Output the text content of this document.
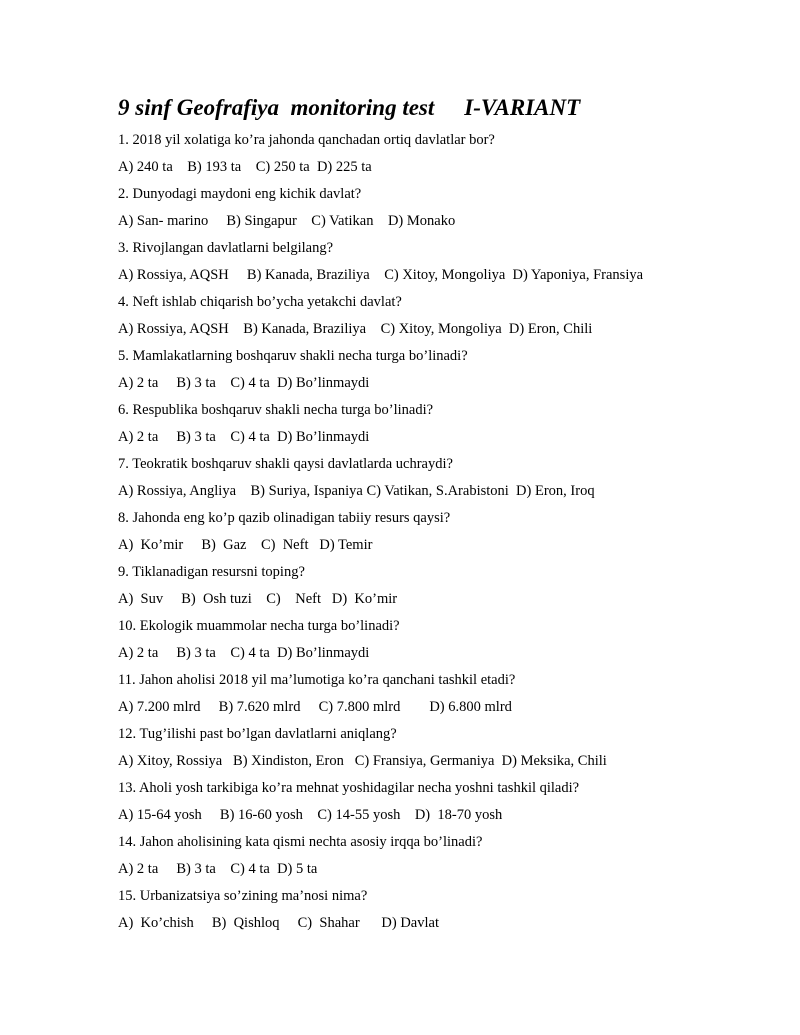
9 sinf Geofrafiya  monitoring test I-VARIANT

1. 2018 yil xolatiga ko’ra jahonda qanchadan ortiq davlatlar bor?

A) 240 ta    B) 193 ta    C) 250 ta  D) 225 ta

2. Dunyodagi maydoni eng kichik davlat?

A) San- marino     B) Singapur    C) Vatikan    D) Monako

3. Rivojlangan davlatlarni belgilang?

A) Rossiya, AQSH     B) Kanada, Braziliya    C) Xitoy, Mongoliya  D) Yaponiya, Fransiya

4. Neft ishlab chiqarish bo’ycha yetakchi davlat?

A) Rossiya, AQSH    B) Kanada, Braziliya    C) Xitoy, Mongoliya  D) Eron, Chili

5. Mamlakatlarning boshqaruv shakli necha turga bo’linadi?

A) 2 ta     B) 3 ta    C) 4 ta  D) Bo’linmaydi

6. Respublika boshqaruv shakli necha turga bo’linadi?

A) 2 ta     B) 3 ta    C) 4 ta  D) Bo’linmaydi

7. Teokratik boshqaruv shakli qaysi davlatlarda uchraydi?

A) Rossiya, Angliya    B) Suriya, Ispaniya C) Vatikan, S.Arabistoni  D) Eron, Iroq

8. Jahonda eng ko’p qazib olinadigan tabiiy resurs qaysi?

A)  Ko’mir     B)  Gaz    C)  Neft   D) Temir

9. Tiklanadigan resursni toping?

A)  Suv     B)  Osh tuzi    C)    Neft   D)  Ko’mir

10. Ekologik muammolar necha turga bo’linadi?

A) 2 ta     B) 3 ta    C) 4 ta  D) Bo’linmaydi

11. Jahon aholisi 2018 yil ma’lumotiga ko’ra qanchani tashkil etadi?

A) 7.200 mlrd     B) 7.620 mlrd     C) 7.800 mlrd        D) 6.800 mlrd

12. Tug’ilishi past bo’lgan davlatlarni aniqlang?

A) Xitoy, Rossiya   B) Xindiston, Eron   C) Fransiya, Germaniya  D) Meksika, Chili

13. Aholi yosh tarkibiga ko’ra mehnat yoshidagilar necha yoshni tashkil qiladi?

A) 15-64 yosh     B) 16-60 yosh    C) 14-55 yosh    D)  18-70 yosh

14. Jahon aholisining kata qismi nechta asosiy irqqa bo’linadi?

A) 2 ta     B) 3 ta    C) 4 ta  D) 5 ta

15. Urbanizatsiya so’zining ma’nosi nima?

A)  Ko’chish     B)  Qishloq     C)  Shahar      D) Davlat
